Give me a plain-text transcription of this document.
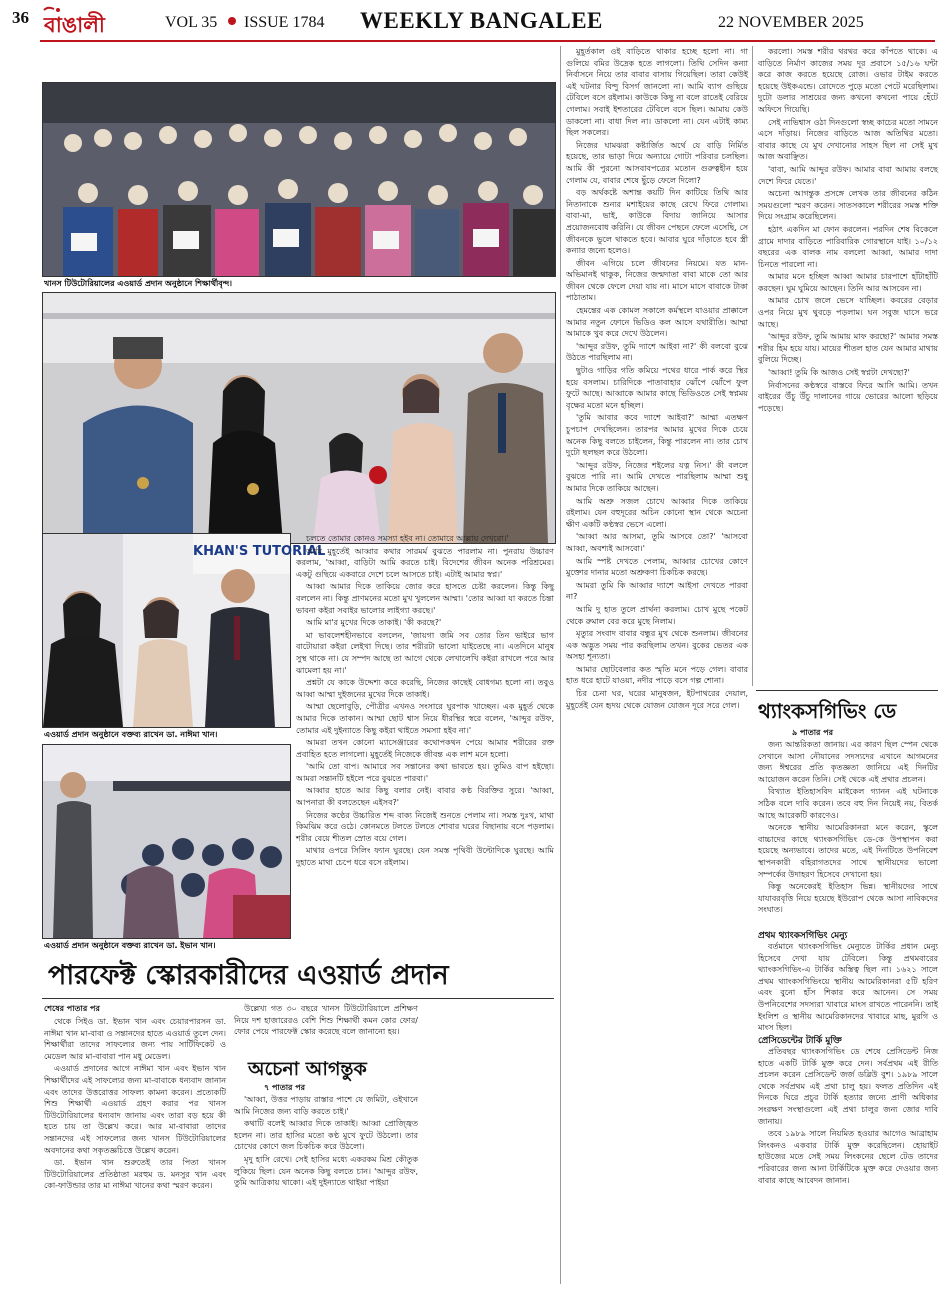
36 বাঙালী	VOL 35 ISSUE 1784 WEEKLY BANGALEE	22 NOVEMBER 2025
খানস টিউটোরিয়ালের এওয়ার্ড প্রদান অনুষ্ঠানে শিক্ষার্থীবৃন্দ।
KHAN'S TUTORIAL
এওয়ার্ড প্রদান অনুষ্ঠানে বক্তব্য রাখেন ডা. নাঈমা খান।
এওয়ার্ড প্রদান অনুষ্ঠানে বক্তব্য রাখেন ডা. ইভান খান।
পারফেক্ট স্কোরকারীদের এওয়ার্ড প্রদান
শেষের পাতার পর

থেকে সিইও ডা. ইভান খান এবং চেয়ারপারসন ডা. নাঈমা খান মা-বাবা ও সন্তানদের হাতে এওয়ার্ড তুলে দেন। শিক্ষার্থীরা তাদের সাফল্যের জন্য পায় সার্টিফিকেট ও মেডেল আর মা-বাবারা পান মধু মেডেল।

এওয়ার্ড প্রদানের আগে নাঈমা খান এবং ইভান খান শিক্ষার্থীদের এই সাফল্যের জন্য মা-বাবাকে ধন্যবাদ জানান এবং তাদের উত্তরোত্তর সাফল্য কামনা করেন। প্রত্যেকটি শিশু শিক্ষার্থী এওয়ার্ড গ্রহণ করার পর খানস টিউটোরিয়ালের ধন্যবাদ জানায় এবং তারা বড় হয়ে কী হতে চায় তা উল্লেখ করে। আর মা-বাবারা তাদের সন্তানদের এই সাফল্যের জন্য খানস টিউটোরিয়ালের অবদানের কথা সকৃতজ্ঞচিত্তে উল্লেখ করেন।

ডা. ইভান খান শুরুতেই তার পিতা খানস টিউটোরিয়ালের প্রতিষ্ঠাতা মরহুম ড. মনসুর খান এবং কো-ফাউন্ডার তার মা নাঈমা খানের কথা স্মরণ করেন।

উল্লেখ্য গত ৩০ বছরে খানস টিউটোরিয়ালে প্রশিক্ষণ নিয়ে দশ হাজারেরও বেশি শিশু শিক্ষার্থী কমন কোর ফোর/ফোর পেয়ে পারফেক্ট স্কোর করেছে বলে জানানো হয়।

অচেনা আগন্তুক
৭ পাতার পর

'আব্বা, উত্তর পাড়ায় রাস্তার পাশে যে জমিটা, ওইখানে আমি নিজের জন্য বাড়ি করতে চাই।'

কথাটি বলেই আব্বার দিকে তাকাই। আব্বা প্রোজ্জ্বিত হলেন না। তার হাসির মতো কণ্ঠ মুখে ফুটে উঠলো। তার চোখের কোণে জল চিকচিক করে উঠলো।

মৃদু হাসি রেখে। সেই হাসির মধ্যে একরকম মিশ্র কৌতুক লুকিয়ে ছিল। যেন অনেক কিছু বলতে চান। 'আব্দুর রউফ, তুমি আত্রিকায় থাকো। এই দুইন্যাতে থাইয়া পাইয়া

চলতে তোমার কোনও সমস্যা হইব না। তোমারে আল্লায় দেখবো।'

আমি মুহূর্তেই আব্বার কথার সারমর্ম বুঝতে পারলাম না। পুনরায় উচ্চারণ করলাম, 'আব্বা, বাড়িটা আমি করতে চাই। বিদেশের জীবন অনেক পরিশ্রমের। একটু গুছিয়ে একবারে দেশে চলে আসতে চাই। এটাই আমার স্বপ্ন।'

আব্বা আমার দিকে তাকিয়ে জোর করে হাসতে চেষ্টা করলেন। কিন্তু কিছু বললেন না। কিন্তু প্রাণমনের মতো মুখ খুললেন আম্মা। 'তোর আব্বা যা করতে চিন্তা ভাবনা কইরা সবাইর ভালোর লাইগ্যা করছে।'

আমি মা'র মুখের দিকে তাকাই। 'কী করছে?'

মা ভাবলেশহীনভাবে বললেন, 'জায়গা জমি সব তোর তিন ভাইরে ভাগ বাটোয়ারা কইরা লেইখা দিছে। তার শরীরটা ভালো যাইতেছে না। এতদিনে মানুষ সুস্থ থাকে না। যে সম্পদ আছে তা আগে থেকে লেখালেখি কইরা রাখলে পরে আর ঝামেলা হয় না।'

প্রশ্নটা যে কাকে উদ্দেশ্য করে করেছি, নিজের কাছেই বোধগম্য হলো না। তবুও আব্বা আম্মা দুইজনের মুখের দিকে তাকাই।

আম্মা ছেলোবুড়ি, পৌত্রীর এখনও সংসারে ঘুরপাক খাচ্ছেন। এক মুহূর্ত থেকে আমার দিকে তাকান। আম্মা ছোট শ্বাস নিয়ে ধীরস্থির স্বরে বলেন, 'আব্দুর রউফ, তোমার এই দুইন্যাতে কিছু কইরা থাইতে সমস্যা হইব না।'

আমরা তখন কোনো ম্যাসেঞ্জারের কথোপকথন পেয়ে আমার শরীরের রক্ত প্রবাহিত হতে লাগলো। মুহূর্তেই নিজেকে জীবন্ত এক লাশ মনে হলো।

'আমি তো বাপ। আমারে সব সন্তানের কথা ভাবতে হয়। তুমিও বাপ হইছো। আমরা সন্তানটি হইলে পরে বুঝতে পারবা।'

আব্বার হাতে আর কিছু বলার নেই। বাবার কণ্ঠ বিরক্তির সুরে। 'আব্বা, আপনারা কী বলতেছেন এইসব?'

নিজের কণ্ঠের উচ্চারিত শব্দ বাক্য নিজেই শুনতে পেলাম না। সমস্ত দুঃখ, মাথা কিমঝিম করে ওঠে। কোনমতে টলতে টলতে শোবার ঘরের বিছানায় বসে পড়লাম। শরীর বেয়ে শীতল স্রোত বয়ে গেল।

মাথার ওপরে সিলিং ফ্যান ঘুরছে। যেন সমস্ত পৃথিবী উল্টোদিকে ঘুরছে। আমি দুহাতে মাথা চেপে ধরে বসে রইলাম।

মুহূর্তকাল ওই বাড়িতে থাকার হচ্ছে হলো না। গা গুলিয়ে বমির উদ্রেক হতে লাগলো। তিথি সেদিন কন্যা নির্বাসনে নিয়ে তার বাবার বাসায় গিয়েছিল। তারা কেউই এই ঘটনার বিন্দু বিসর্গ জানলো না। আমি ব্যাগ গুছিয়ে টেবিলে বসে রইলাম। কাউকে কিছু না বলে রাতেই বেরিয়ে গেলাম। সবাই ইশতারের টেবিলে বসে ছিল। আমায় কেউ ডাকলো না। বাধা দিল না। ডাকলো না। যেন এটাই কাম্য ছিল সকলের।

নিজের ঘামঝরা কষ্টার্জিত অর্থে যে বাড়ি নির্মিত হয়েছে, তার ভাড়া দিয়ে অন্যায়ে গোটা পরিবার চলছিল। আমি কী পুরনো আসবাবপত্রের মতোন গুরুত্বহীন হয়ে গেলাম যে, বাবার শেষে ছুঁড়ে ফেলে দিলো?

বড় অর্থকষ্টে অশান্ত কয়টি দিন কাটিয়ে তিথি আর নিতানাকে শুন্যর মশাইয়ের কাছে রেখে ফিরে গেলাম। বাবা-মা, ভাই, কাউকে বিদায় জানিয়ে আসার প্রয়োজনবোধ করিনি। যে জীবন পেছনে ফেলে এসেছি, সে জীবনকে ভুলে থাকতে হবে। আবার ঘুরে দাঁড়াতে হবে স্ত্রী কন্যার জন্যে হলেও।

জীবন এগিয়ে চলে জীবনের নিয়মে। যত মান-অভিমানই থাকুক, নিজের জন্মদাতা বাবা মাকে তো আর জীবন থেকে ফেলে দেয়া যায় না। মাসে মাসে বাবাকে টাকা পাঠাতাম।

হেমন্তের এক কোমল সকালে কর্মস্থলে যাওয়ার প্রাক্কালে আমার নতুন ফোনে ভিডিও কল আসে যথারীতি। আম্মা আমাকে খুব করে দেখে উঠলেন।

'আব্দুর রউফ, তুমি দ্যাশে আইবা না?' কী বলবো বুঝে উঠতে পারছিলাম না।

ছুটাও গাড়ির গতি কমিয়ে পথের ধারে পার্ক করে স্থির হয়ে বসলাম। চারিদিকে পাতাবাহার ঝোঁপে ঝোঁপে ফুল ফুটে আছে। আব্বাকে আমার কাছে ভিডিওতে সেই স্বপ্নময় বৃক্ষের মতো মনে হচ্ছিল।

'তুমি আবার কবে দ্যাশে আইবা?' আম্মা এতক্ষণ চুপচাপ দেখছিলেন। তারপর আমার মুখের দিকে চেয়ে অনেক কিছু বলতে চাইলেন, কিন্তু পারলেন না। তার চোখ দুটো ছলছল করে উঠলো।

'আব্দুর রউফ, নিজের শইলের যত্ন নিস।' কী বললে বুঝতে পারি না। আমি দেখতে পারছিলাম আম্মা শুধু আমার দিকে তাকিয়ে আছেন।

আমি অশ্রু সজল চোখে আব্বার দিকে তাকিয়ে রইলাম। যেন বহুদূরের অচিন কোনো স্থান থেকে অচেনা ক্ষীণ একটি কণ্ঠস্বর ভেসে এলো।

'আব্বা আর আসমা, তুমি আসবে তো?' 'আসবো আব্বা, অবশ্যই আসবো।'

আমি স্পষ্ট দেখতে পেলাম, আব্বার চোখের কোণে মুক্তোর দানার মতো অশ্রুকণা চিকচিক করছে।

আমরা তুমি কি আব্বার দ্যাশে আইসা দেখতে পারবা না?

আমি দু হাত তুলে প্রার্থনা করলাম। চোখ মুছে পকেট থেকে রুমাল বের করে মুছে নিলাম।

মৃত্যুর সংবাদ বাবার বন্ধুর মুখ থেকে শুনলাম। জীবনের এক অদ্ভুত সময় পার করছিলাম তখন। বুকের ভেতর এক অসহ্য শূন্যতা।

আমার ছোটবেলার কত স্মৃতি মনে পড়ে গেল। বাবার হাত ধরে হাটে যাওয়া, নদীর পাড়ে বসে গল্প শোনা।

চির চেনা ঘর, ঘরের মানুষজন, ইটপাথরের দেয়াল, মুহূর্তেই যেন হৃদয় থেকে যোজন যোজন দূরে সরে গেল।

করলো। সমস্ত শরীর থরথর করে কাঁপতে থাকে। এ বাড়িতে নির্মাণ কাজের সময় দূর প্রবাসে ১৫/১৬ ঘন্টা করে কাজ করতে হয়েছে রোজ। ওভার টাইম করতে হয়েছে উইকএন্ডে। রোদেতে পুড়ে মতো পেটে মরেছিলাম। দুটো ডলার সাশ্রয়ের জন্য কখনো কখনো পায়ে হেঁটে অফিসে গিয়েছি।

সেই নাভিশ্বাস ওঠা দিনগুলো স্বচ্ছ কাচের মতো সামনে এসে দাঁড়ায়। নিজের বাড়িতে আজ অতিথির মতো। বাবার কাছে যে মুখ দেখানোর সাহস ছিল না সেই মুখ আজ অবাঞ্ছিত।

'বাবা, আমি আব্দুর রউফ। আমার বাবা আমায় বলছে দেশে ফিরে যেতে।'

অচেনা আগন্তুক প্রসঙ্গে লেখক তার জীবনের কঠিন সময়গুলো স্মরণ করেন। সাতসকালে শরীরের সমস্ত শক্তি দিয়ে সংগ্রাম করেছিলেন।

হঠাৎ একদিন মা ফোন করলেন। পরদিন শেষ বিকেলে গ্রামে দাদার বাড়িতে পারিবারিক গোরস্থানে যাই। ১০/১২ বছরের এক বালক নাম বললো আব্বা, আমার দাদা চিনতে পারলো না।

আমার মনে হচ্ছিল আব্বা আমার চারপাশে হাঁটাহাঁটি করছেন। ঘুম ঘুমিয়ে আছেন। তিনি আর আসবেন না।

আমার চোখ জলে ভেসে যাচ্ছিল। কবরের বেড়ার ওপর নিয়ে মুখ থুবড়ে পড়লাম। ঘন সবুজ ঘাসে ভরে আছে।

'আব্দুর রউফ, তুমি আমায় মাফ করছো?' আমার সমস্ত শরীর হিম হয়ে যায়। মায়ের শীতল হাত যেন আমার মাথায় বুলিয়ে দিচ্ছে।

'আব্বা! তুমি কি আজও সেই স্বপ্নটা দেখছো?'

নির্বাসনের কণ্ঠস্বরে বাস্তবে ফিরে আসি আমি। তখন বাইরের উঁচু উঁচু দালানের গায়ে ভোরের আলো ছড়িয়ে পড়েছে।

থ্যাংকসগিভিং ডে
৯ পাতার পর

জন্য আন্তরিকতা জানায়। এর কারণ ছিল স্পেন থেকে সেখানে আসা নৌযানের সদস্যদের এখানে আগমনের জন্য ঈশ্বরের প্রতি কৃতজ্ঞতা জানিয়ে এই দিনটির আয়োজন করেন তিনি। সেই থেকে এই প্রথার প্রচলন।

বিখ্যাত ইতিহাসবিদ মাইকেল গ্যানন এই ঘটনাকে সঠিক বলে দাবি করেন। তবে বহু দিন নিয়েই নয়, বিতর্ক আছে আরেকটি কারণেও।

অনেকে স্থানীয় আমেরিকানরা মনে করেন, স্কুলে বাচ্চাদের কাছে থ্যাংকসগিভিং ডে-কে উপস্থাপন করা হয়েছে অন্যভাবে। তাদের মতে, এই দিনটিতে উপনিবেশ স্থাপনকারী বহিরাগতদের সাথে স্থানীয়দের ভালো সম্পর্কের উদাহরণ হিসেবে দেখানো হয়।

কিন্তু অনেকেরই ইতিহাস ভিন্ন। স্থানীয়দের সাথে যাযাবরবৃত্তি নিয়ে হয়েছে ইউরোপ থেকে আসা নাবিকদের সংঘাত।

প্রথম থ্যাংকসগিভিং মেন্যু

বর্তমানে থ্যাংকসগিভিং মেন্যুতে টার্কির প্রধান মেন্যু হিসেবে দেখা যায় টেবিলে। কিন্তু প্রথমবারের থ্যাংকসগিভিং-এ টার্কির অস্তিত্ব ছিল না। ১৬২১ সালে প্রথম থ্যাংকসগিভিংয়ে স্থানীয় আমেরিকানরা ৫টি হরিণ এবং বুনো হাঁস শিকার করে আনেন। সে সময় উপনিবেশের সদস্যরা খাবারে মাংস রাখতে পারেননি। তাই ইংলিশ ও স্থানীয় আমেরিকানদের খাবারে মাছ, মুরগি ও মাংস ছিল।

প্রেসিডেন্টের টার্কি মুক্তি

প্রতিবছর থ্যাংকসগিভিং ডে শেষে প্রেসিডেন্ট নিজ হাতে একটি টার্কি মুক্ত করে দেন। সর্বপ্রথম এই রীতি প্রচলন করেন প্রেসিডেন্ট জর্জ ডব্লিউ বুশ। ১৯৮৯ সালে থেকে সর্বপ্রথম এই প্রথা চালু হয়। ফলত প্রতিদিন এই দিনকে ঘিরে প্রচুর টার্কি হত্যার জন্যে প্রাণী অধিকার সংরক্ষণ সংস্থাগুলো এই প্রথা চালুর জন্য জোর দাবি জানায়।

তবে ১৯৮৯ সালে নিয়মিত হওয়ার আগেও আব্রাহাম লিংকনও একবার টার্কি মুক্ত করেছিলেন। হোয়াইট হাউজের মতে সেই সময় লিংকনের ছেলে টেড তাদের পরিবারের জন্য আনা টার্কিটিকে মুক্ত করে দেওয়ার জন্য বাবার কাছে আবেদন জানান।
